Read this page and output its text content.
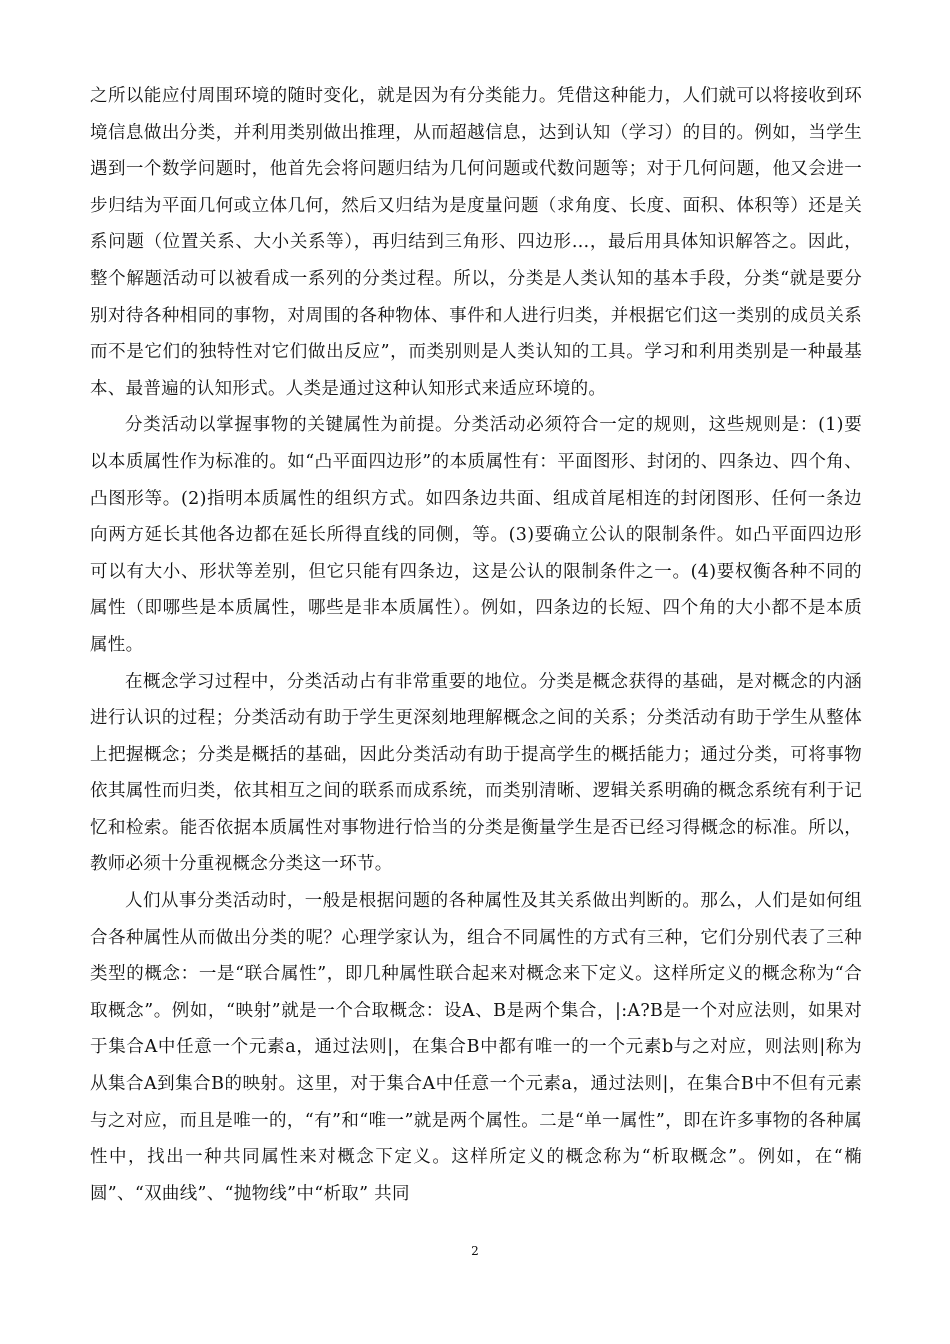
之所以能应付周围环境的随时变化，就是因为有分类能力。凭借这种能力，人们就可以将接收到环境信息做出分类，并利用类别做出推理，从而超越信息，达到认知（学习）的目的。例如，当学生遇到一个数学问题时，他首先会将问题归结为几何问题或代数问题等；对于几何问题，他又会进一步归结为平面几何或立体几何，然后又归结为是度量问题（求角度、长度、面积、体积等）还是关系问题（位置关系、大小关系等），再归结到三角形、四边形…，最后用具体知识解答之。因此，整个解题活动可以被看成一系列的分类过程。所以，分类是人类认知的基本手段，分类“就是要分别对待各种相同的事物，对周围的各种物体、事件和人进行归类，并根据它们这一类别的成员关系而不是它们的独特性对它们做出反应”，而类别则是人类认知的工具。学习和利用类别是一种最基本、最普遍的认知形式。人类是通过这种认知形式来适应环境的。

分类活动以掌握事物的关键属性为前提。分类活动必须符合一定的规则，这些规则是：(1)要以本质属性作为标准的。如“凸平面四边形”的本质属性有：平面图形、封闭的、四条边、四个角、凸图形等。(2)指明本质属性的组织方式。如四条边共面、组成首尾相连的封闭图形、任何一条边向两方延长其他各边都在延长所得直线的同侧，等。(3)要确立公认的限制条件。如凸平面四边形可以有大小、形状等差别，但它只能有四条边，这是公认的限制条件之一。(4)要权衡各种不同的属性（即哪些是本质属性，哪些是非本质属性）。例如，四条边的长短、四个角的大小都不是本质属性。

在概念学习过程中，分类活动占有非常重要的地位。分类是概念获得的基础，是对概念的内涵进行认识的过程；分类活动有助于学生更深刻地理解概念之间的关系；分类活动有助于学生从整体上把握概念；分类是概括的基础，因此分类活动有助于提高学生的概括能力；通过分类，可将事物依其属性而归类，依其相互之间的联系而成系统，而类别清晰、逻辑关系明确的概念系统有利于记忆和检索。能否依据本质属性对事物进行恰当的分类是衡量学生是否已经习得概念的标准。所以，教师必须十分重视概念分类这一环节。

人们从事分类活动时，一般是根据问题的各种属性及其关系做出判断的。那么，人们是如何组合各种属性从而做出分类的呢？心理学家认为，组合不同属性的方式有三种，它们分别代表了三种类型的概念：一是“联合属性”，即几种属性联合起来对概念来下定义。这样所定义的概念称为“合取概念”。例如，“映射”就是一个合取概念：设A、B是两个集合，|:A?B是一个对应法则，如果对于集合A中任意一个元素a，通过法则|，在集合B中都有唯一的一个元素b与之对应，则法则|称为从集合A到集合B的映射。这里，对于集合A中任意一个元素a，通过法则|，在集合B中不但有元素与之对应，而且是唯一的，“有”和“唯一”就是两个属性。二是“单一属性”，即在许多事物的各种属性中，找出一种共同属性来对概念下定义。这样所定义的概念称为“析取概念”。例如，在“椭圆”、“双曲线”、“抛物线”中“析取” 共同

2
